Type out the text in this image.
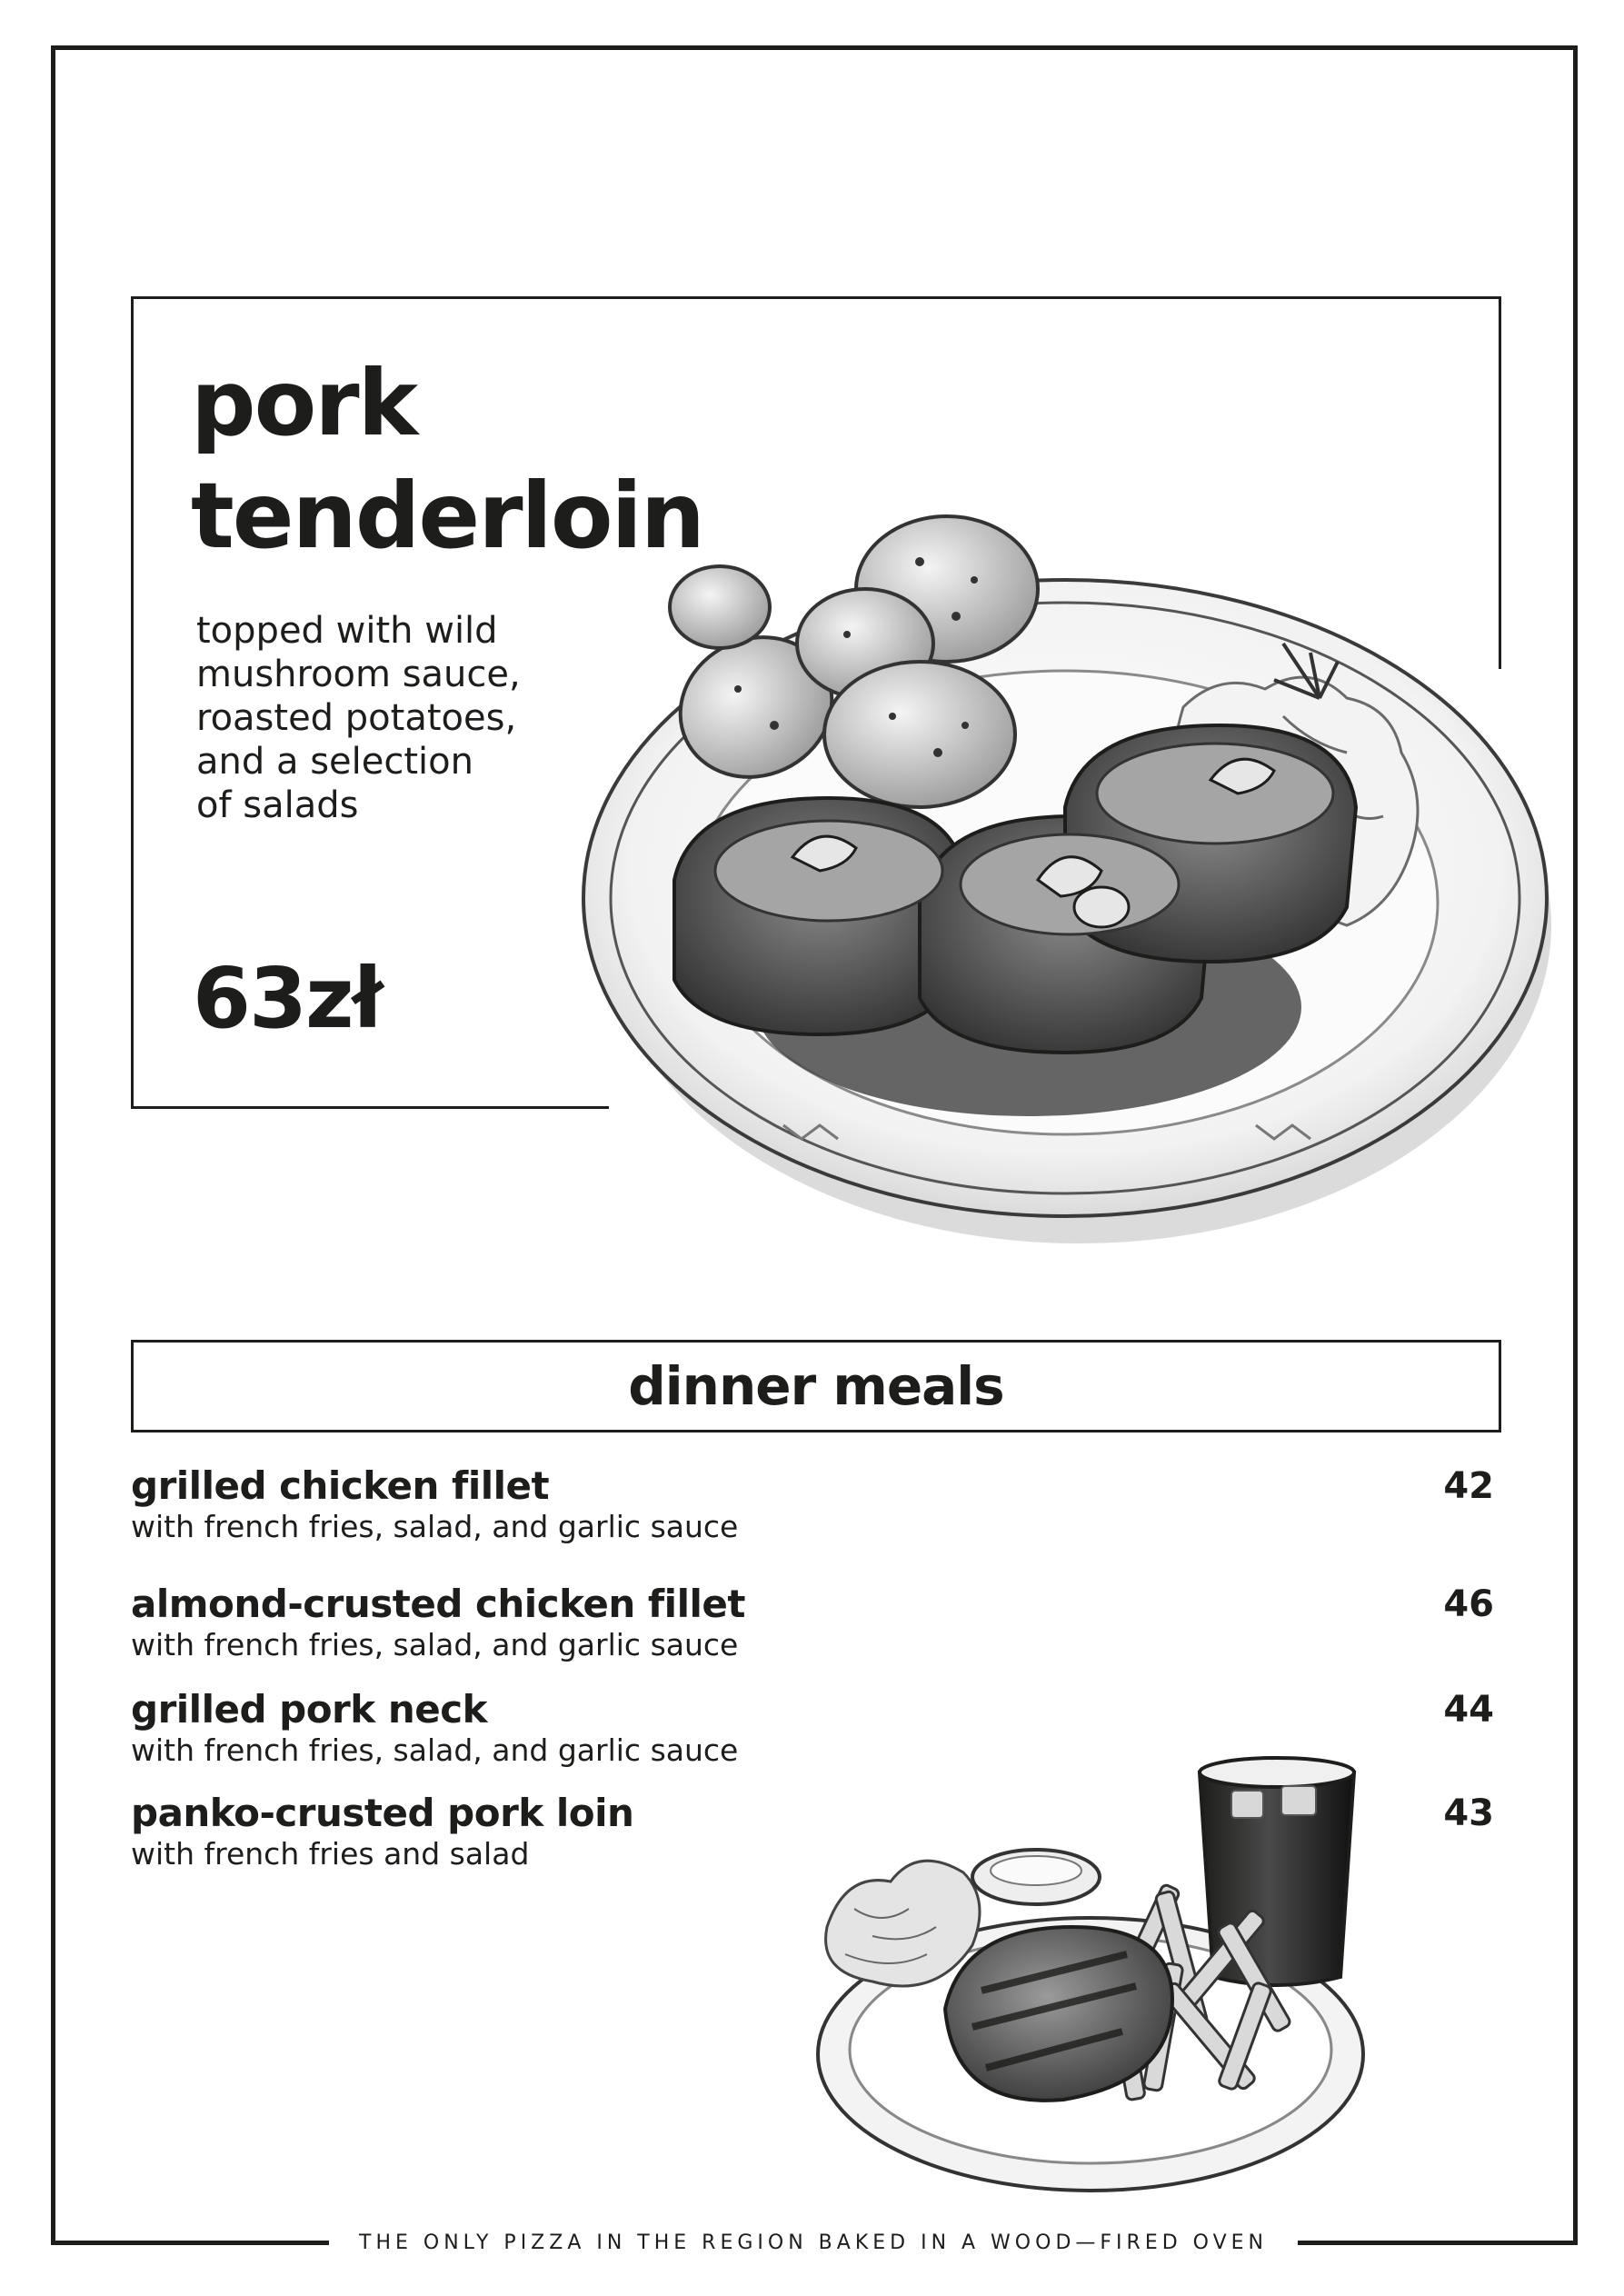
pork
tenderloin
topped with wild
mushroom sauce,
roasted potatoes,
and a selection
of salads
63zł
dinner meals
grilled chicken fillet
with french fries, salad, and garlic sauce
42
almond-crusted chicken fillet
with french fries, salad, and garlic sauce
46
grilled pork neck
with french fries, salad, and garlic sauce
44
panko-crusted pork loin
with french fries and salad
43
THE ONLY PIZZA IN THE REGION BAKED IN A WOOD—FIRED OVEN
